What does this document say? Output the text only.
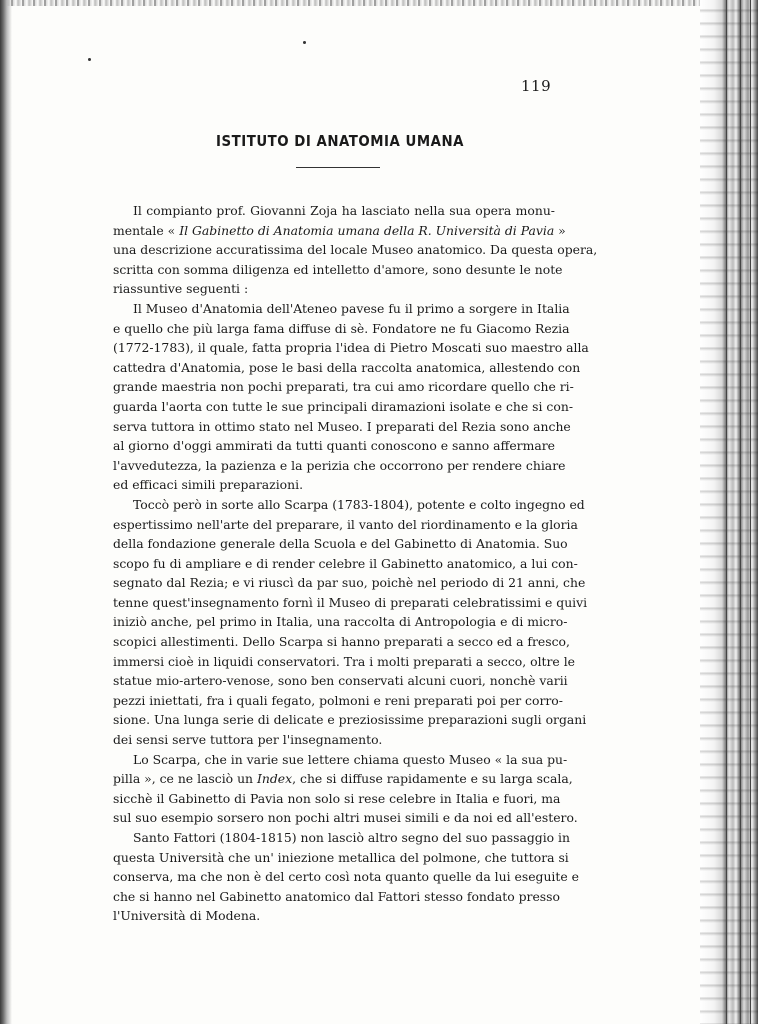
119
ISTITUTO DI ANATOMIA UMANA
Il compianto prof. Giovanni Zoja ha lasciato nella sua opera monu-
mentale « Il Gabinetto di Anatomia umana della R. Università di Pavia »
una descrizione accuratissima del locale Museo anatomico. Da questa opera,
scritta con somma diligenza ed intelletto d'amore, sono desunte le note
riassuntive seguenti :
Il Museo d'Anatomia dell'Ateneo pavese fu il primo a sorgere in Italia
e quello che più larga fama diffuse di sè. Fondatore ne fu Giacomo Rezia
(1772-1783), il quale, fatta propria l'idea di Pietro Moscati suo maestro alla
cattedra d'Anatomia, pose le basi della raccolta anatomica, allestendo con
grande maestria non pochi preparati, tra cui amo ricordare quello che ri-
guarda l'aorta con tutte le sue principali diramazioni isolate e che si con-
serva tuttora in ottimo stato nel Museo. I preparati del Rezia sono anche
al giorno d'oggi ammirati da tutti quanti conoscono e sanno affermare
l'avvedutezza, la pazienza e la perizia che occorrono per rendere chiare
ed efficaci simili preparazioni.
Toccò però in sorte allo Scarpa (1783-1804), potente e colto ingegno ed
espertissimo nell'arte del preparare, il vanto del riordinamento e la gloria
della fondazione generale della Scuola e del Gabinetto di Anatomia. Suo
scopo fu di ampliare e di render celebre il Gabinetto anatomico, a lui con-
segnato dal Rezia; e vi riuscì da par suo, poichè nel periodo di 21 anni, che
tenne quest'insegnamento fornì il Museo di preparati celebratissimi e quivi
iniziò anche, pel primo in Italia, una raccolta di Antropologia e di micro-
scopici allestimenti. Dello Scarpa si hanno preparati a secco ed a fresco,
immersi cioè in liquidi conservatori. Tra i molti preparati a secco, oltre le
statue mio-artero-venose, sono ben conservati alcuni cuori, nonchè varii
pezzi iniettati, fra i quali fegato, polmoni e reni preparati poi per corro-
sione. Una lunga serie di delicate e preziosissime preparazioni sugli organi
dei sensi serve tuttora per l'insegnamento.
Lo Scarpa, che in varie sue lettere chiama questo Museo « la sua pu-
pilla », ce ne lasciò un Index, che si diffuse rapidamente e su larga scala,
sicchè il Gabinetto di Pavia non solo si rese celebre in Italia e fuori, ma
sul suo esempio sorsero non pochi altri musei simili e da noi ed all'estero.
Santo Fattori (1804-1815) non lasciò altro segno del suo passaggio in
questa Università che un' iniezione metallica del polmone, che tuttora si
conserva, ma che non è del certo così nota quanto quelle da lui eseguite e
che si hanno nel Gabinetto anatomico dal Fattori stesso fondato presso
l'Università di Modena.
